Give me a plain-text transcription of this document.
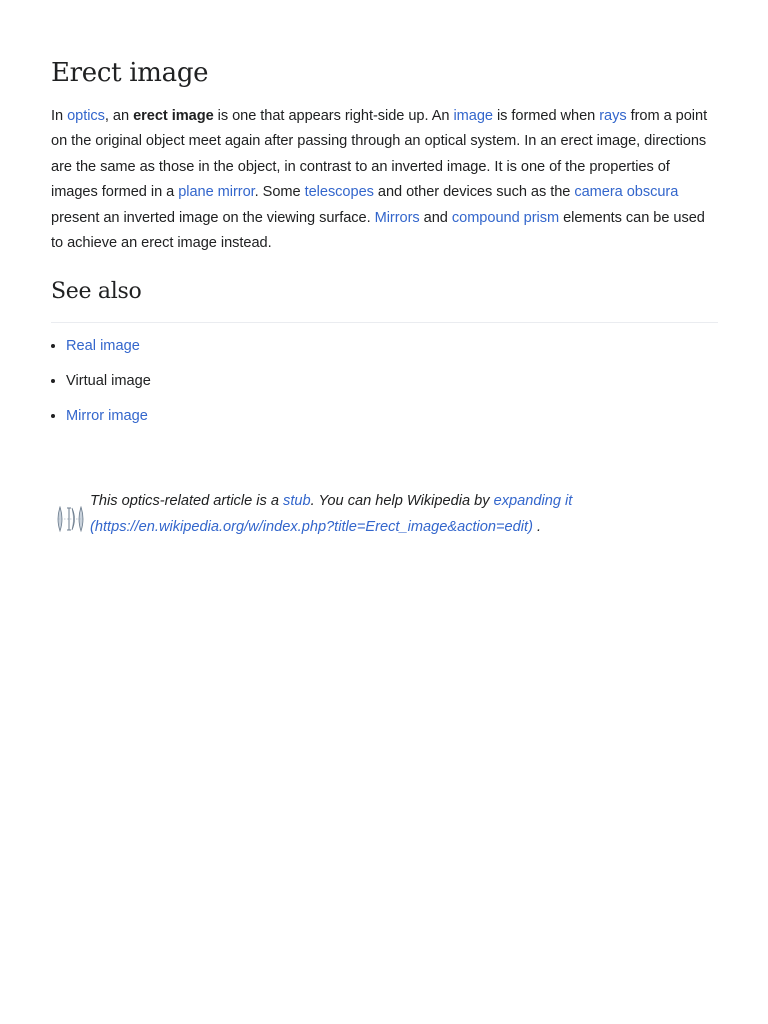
Erect image

In optics, an erect image is one that appears right-side up. An image is formed when rays from a point on the original object meet again after passing through an optical system. In an erect image, directions are the same as those in the object, in contrast to an inverted image. It is one of the properties of images formed in a plane mirror. Some telescopes and other devices such as the camera obscura present an inverted image on the viewing surface. Mirrors and compound prism elements can be used to achieve an erect image instead.

See also
Real image
Virtual image
Mirror image
This optics-related article is a stub. You can help Wikipedia by expanding it (https://en.wikipedia.org/w/index.php?title=Erect_image&action=edit) .
